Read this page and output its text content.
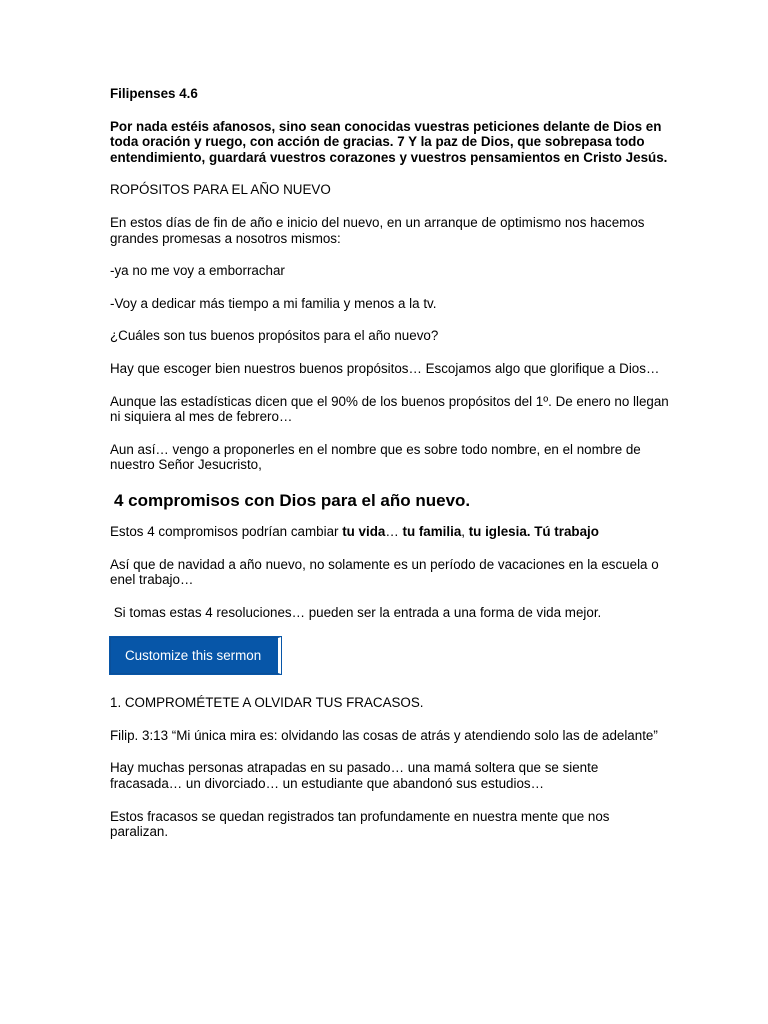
Filipenses 4.6

Por nada estéis afanosos, sino sean conocidas vuestras peticiones delante de Dios en toda oración y ruego, con acción de gracias. 7 Y la paz de Dios, que sobrepasa todo entendimiento, guardará vuestros corazones y vuestros pensamientos en Cristo Jesús.

ROPÓSITOS PARA EL AÑO NUEVO

En estos días de fin de año e inicio del nuevo, en un arranque de optimismo nos hacemos grandes promesas a nosotros mismos:

-ya no me voy a emborrachar

-Voy a dedicar más tiempo a mi familia y menos a la tv.

¿Cuáles son tus buenos propósitos para el año nuevo?

Hay que escoger bien nuestros buenos propósitos… Escojamos algo que glorifique a Dios…

Aunque las estadísticas dicen que el 90% de los buenos propósitos del 1º. De enero no llegan ni siquiera al mes de febrero…

Aun así… vengo a proponerles en el nombre que es sobre todo nombre, en el nombre de nuestro Señor Jesucristo,

4 compromisos con Dios para el año nuevo.

Estos 4 compromisos podrían cambiar tu vida… tu familia, tu iglesia. Tú trabajo

Así que de navidad a año nuevo, no solamente es un período de vacaciones en la escuela o enel trabajo…

Si tomas estas 4 resoluciones… pueden ser la entrada a una forma de vida mejor.

Customize this sermon

1. COMPROMÉTETE A OLVIDAR TUS FRACASOS.

Filip. 3:13 “Mi única mira es: olvidando las cosas de atrás y atendiendo solo las de adelante”

Hay muchas personas atrapadas en su pasado… una mamá soltera que se siente fracasada… un divorciado… un estudiante que abandonó sus estudios…

Estos fracasos se quedan registrados tan profundamente en nuestra mente que nos paralizan.
